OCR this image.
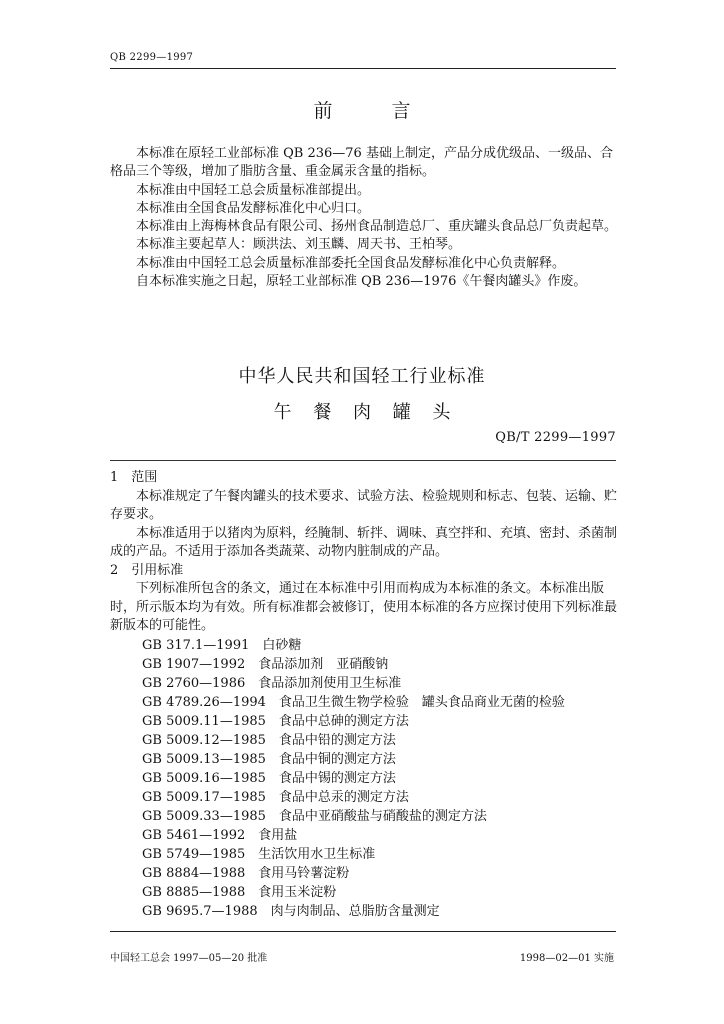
QB 2299—1997
前　言

本标准在原轻工业部标准 QB 236—76 基础上制定，产品分成优级品、一级品、合格品三个等级，增加了脂肪含量、重金属汞含量的指标。

本标准由中国轻工总会质量标准部提出。

本标准由全国食品发酵标准化中心归口。

本标准由上海梅林食品有限公司、扬州食品制造总厂、重庆罐头食品总厂负责起草。

本标准主要起草人：顾洪法、刘玉麟、周天书、王柏琴。

本标准由中国轻工总会质量标准部委托全国食品发酵标准化中心负责解释。

自本标准实施之日起，原轻工业部标准 QB 236—1976《午餐肉罐头》作废。

中华人民共和国轻工行业标准
午 餐 肉 罐 头
QB/T 2299—1997

1　范围

本标准规定了午餐肉罐头的技术要求、试验方法、检验规则和标志、包装、运输、贮存要求。

本标准适用于以猪肉为原料，经腌制、斩拌、调味、真空拌和、充填、密封、杀菌制成的产品。不适用于添加各类蔬菜、动物内脏制成的产品。

2　引用标准

下列标准所包含的条文，通过在本标准中引用而构成为本标准的条文。本标准出版时，所示版本均为有效。所有标准都会被修订，使用本标准的各方应探讨使用下列标准最新版本的可能性。

GB 317.1—1991　白砂糖
GB 1907—1992　食品添加剂　亚硝酸钠
GB 2760—1986　食品添加剂使用卫生标准
GB 4789.26—1994　食品卫生微生物学检验　罐头食品商业无菌的检验
GB 5009.11—1985　食品中总砷的测定方法
GB 5009.12—1985　食品中铅的测定方法
GB 5009.13—1985　食品中铜的测定方法
GB 5009.16—1985　食品中锡的测定方法
GB 5009.17—1985　食品中总汞的测定方法
GB 5009.33—1985　食品中亚硝酸盐与硝酸盐的测定方法
GB 5461—1992　食用盐
GB 5749—1985　生活饮用水卫生标准
GB 8884—1988　食用马铃薯淀粉
GB 8885—1988　食用玉米淀粉
GB 9695.7—1988　肉与肉制品、总脂肪含量测定
中国轻工总会 1997—05—20 批准	1998—02—01 实施
